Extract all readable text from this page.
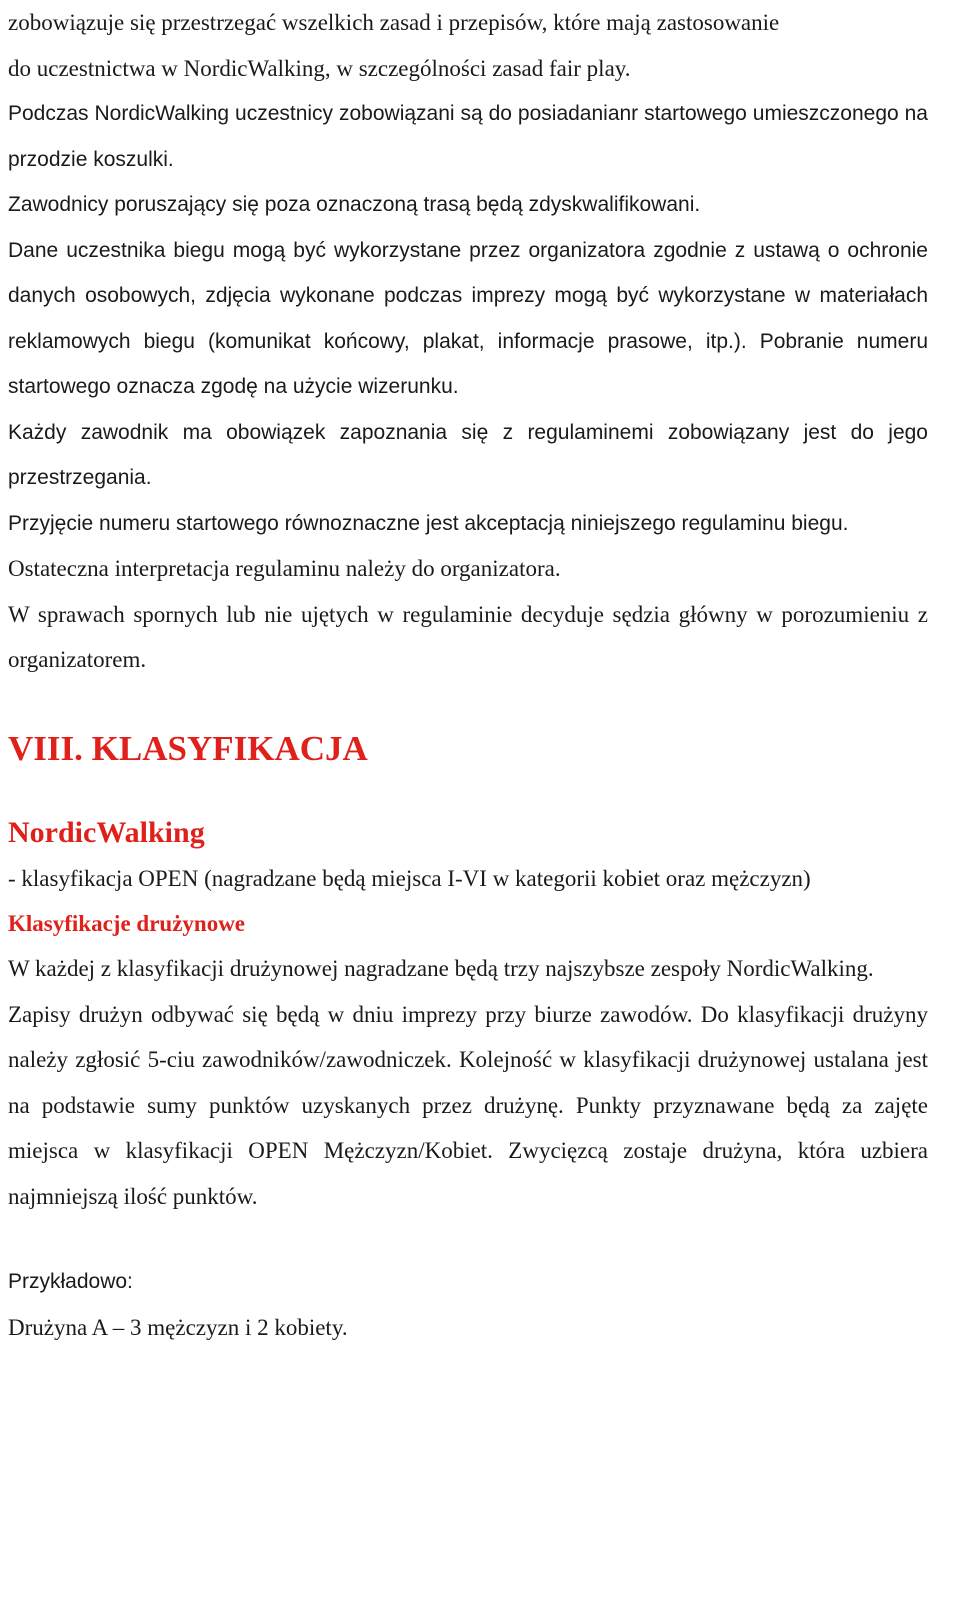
zobowiązuje się przestrzegać wszelkich zasad i przepisów, które mają zastosowanie

do uczestnictwa w NordicWalking, w szczególności zasad fair play.

Podczas NordicWalking uczestnicy zobowiązani są do posiadanianr startowego umieszczonego na przodzie koszulki.

Zawodnicy poruszający się poza oznaczoną trasą będą zdyskwalifikowani.

Dane uczestnika biegu mogą być wykorzystane przez organizatora zgodnie z ustawą o ochronie danych osobowych, zdjęcia wykonane podczas imprezy mogą być wykorzystane w materiałach reklamowych biegu (komunikat końcowy, plakat, informacje prasowe, itp.). Pobranie numeru startowego oznacza zgodę na użycie wizerunku.

Każdy zawodnik ma obowiązek zapoznania się z regulaminemi zobowiązany jest do jego przestrzegania.

Przyjęcie numeru startowego równoznaczne jest akceptacją niniejszego regulaminu biegu.

Ostateczna interpretacja regulaminu należy do organizatora.

W sprawach spornych lub nie ujętych w regulaminie decyduje sędzia główny w porozumieniu z organizatorem.

VIII. KLASYFIKACJA
NordicWalking

- klasyfikacja OPEN (nagradzane będą miejsca I-VI w kategorii kobiet oraz mężczyzn)

Klasyfikacje drużynowe

W każdej z klasyfikacji drużynowej nagradzane będą trzy najszybsze zespoły NordicWalking.

Zapisy drużyn odbywać się będą w dniu imprezy przy biurze zawodów. Do klasyfikacji drużyny należy zgłosić 5-ciu zawodników/zawodniczek. Kolejność w klasyfikacji drużynowej ustalana jest na podstawie sumy punktów uzyskanych przez drużynę. Punkty przyznawane będą za zajęte miejsca w klasyfikacji OPEN Mężczyzn/Kobiet. Zwycięzcą zostaje drużyna, która uzbiera najmniejszą ilość punktów.

Przykładowo:

Drużyna A – 3 mężczyzn i 2 kobiety.
